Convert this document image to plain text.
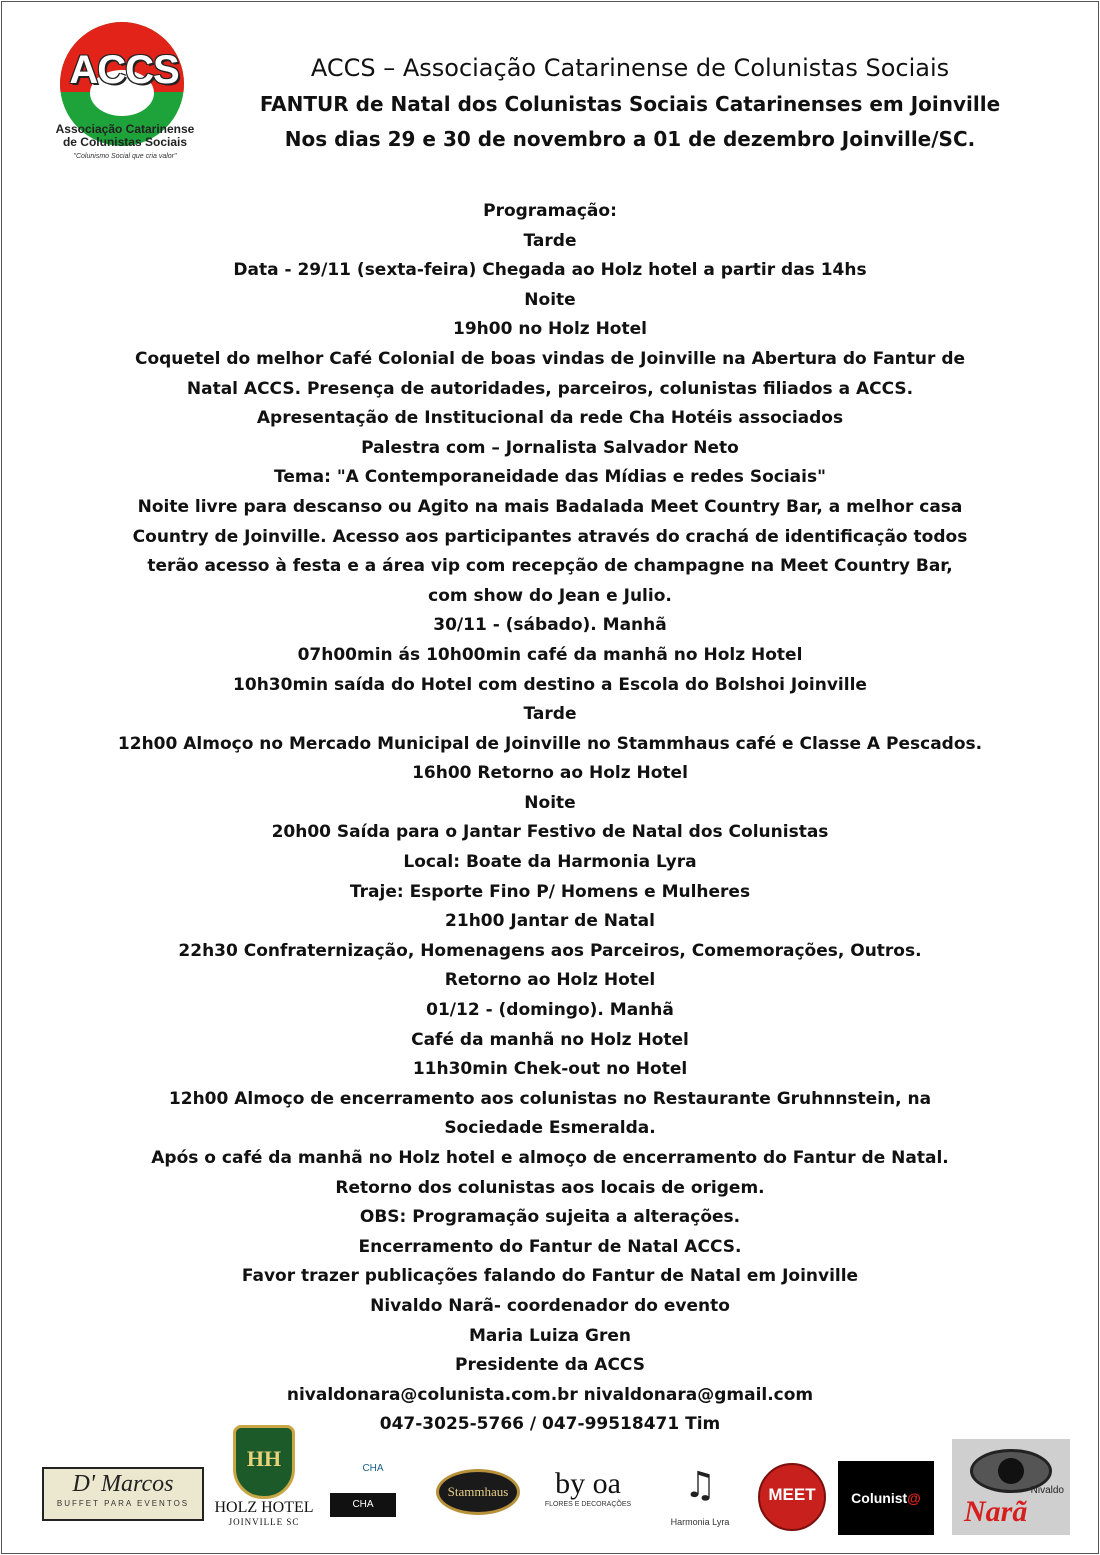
ACCS
Associação Catarinense
de Colunistas Sociais
"Colunismo Social que cria valor"
ACCS – Associação Catarinense de Colunistas Sociais
FANTUR de Natal dos Colunistas Sociais Catarinenses em Joinville
Nos dias 29 e 30 de novembro a 01 de dezembro Joinville/SC.
Programação:
Tarde
Data - 29/11 (sexta-feira) Chegada ao Holz hotel a partir das 14hs
Noite
19h00 no Holz Hotel
Coquetel do melhor Café Colonial de boas vindas de Joinville na Abertura do Fantur de
Natal ACCS. Presença de autoridades, parceiros, colunistas filiados a ACCS.
Apresentação de Institucional da rede Cha Hotéis associados
Palestra com – Jornalista Salvador Neto
Tema: "A Contemporaneidade das Mídias e redes Sociais"
Noite livre para descanso ou Agito na mais Badalada Meet Country Bar, a melhor casa
Country de Joinville. Acesso aos participantes através do crachá de identificação todos
terão acesso à festa e a área vip com recepção de champagne na Meet Country Bar,
com show do Jean e Julio.
30/11 - (sábado). Manhã
07h00min ás 10h00min café da manhã no Holz Hotel
10h30min saída do Hotel com destino a Escola do Bolshoi Joinville
Tarde
12h00 Almoço no Mercado Municipal de Joinville no Stammhaus café e Classe A Pescados.
16h00 Retorno ao Holz Hotel
Noite
20h00 Saída para o Jantar Festivo de Natal dos Colunistas
Local: Boate da Harmonia Lyra
Traje: Esporte Fino P/ Homens e Mulheres
21h00 Jantar de Natal
22h30 Confraternização, Homenagens aos Parceiros, Comemorações, Outros.
Retorno ao Holz Hotel
01/12 - (domingo). Manhã
Café da manhã no Holz Hotel
11h30min Chek-out no Hotel
12h00 Almoço de encerramento aos colunistas no Restaurante Gruhnnstein, na
Sociedade Esmeralda.
Após o café da manhã no Holz hotel e almoço de encerramento do Fantur de Natal.
Retorno dos colunistas aos locais de origem.
OBS: Programação sujeita a alterações.
Encerramento do Fantur de Natal ACCS.
Favor trazer publicações falando do Fantur de Natal em Joinville
Nivaldo Narã- coordenador do evento
Maria Luiza Gren
Presidente da ACCS
nivaldonara@colunista.com.br nivaldonara@gmail.com
047-3025-5766 / 047-99518471 Tim
D' Marcos
BUFFET PARA EVENTOS
HH
HOLZ HOTEL
JOINVILLE SC
CHA
CHA
Stammhaus	by oa
FLORES E DECORAÇÕES	♫
Harmonia Lyra
MEET	Colunist@	Nivaldo
Narã
